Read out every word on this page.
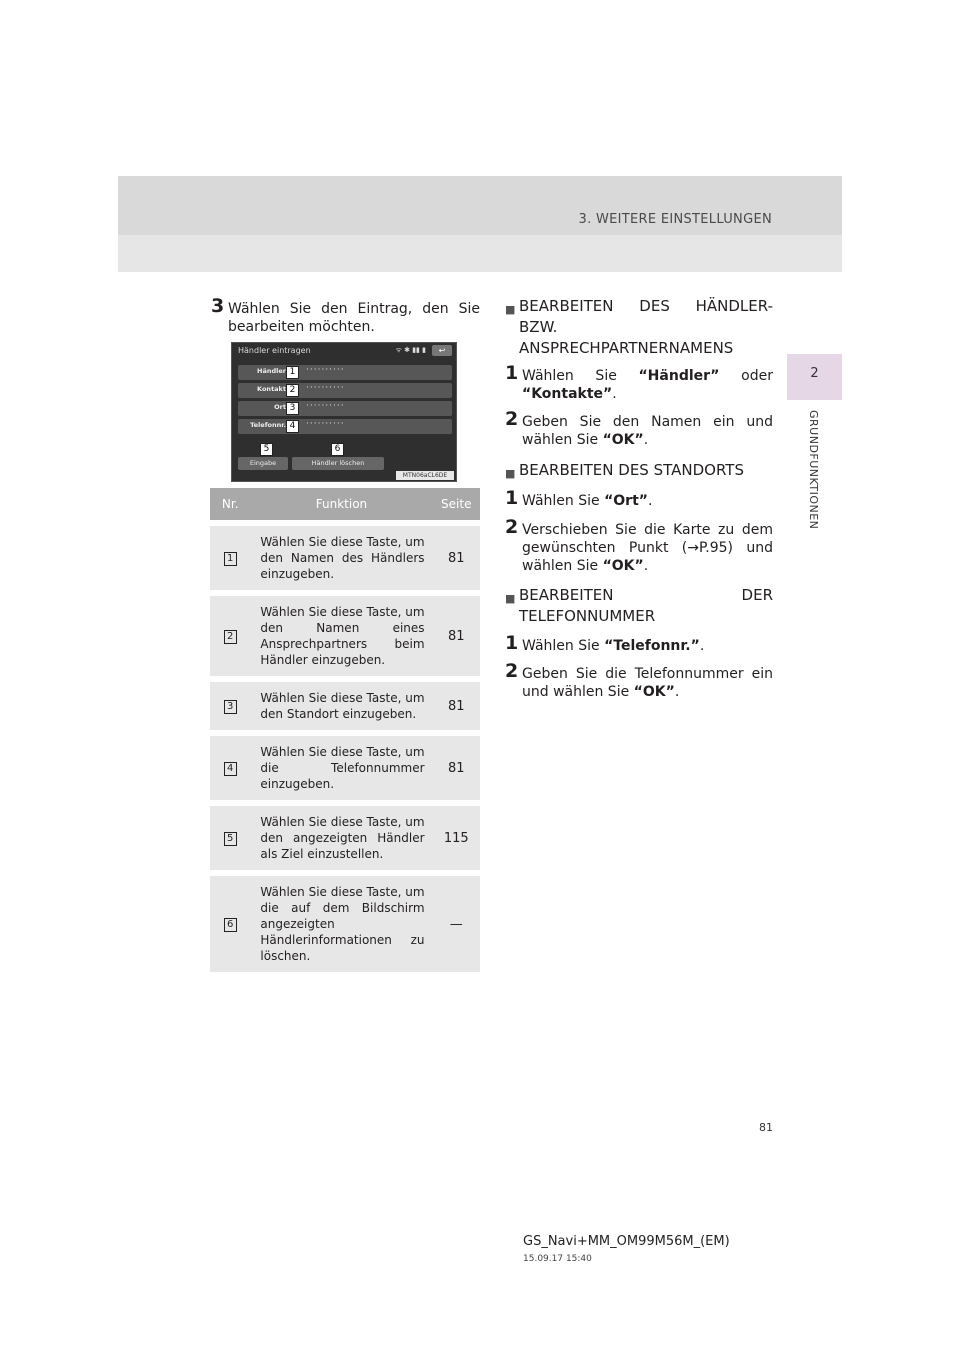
3. WEITERE EINSTELLUNGEN
2
GRUNDFUNKTIONEN
3 Wählen Sie den Eintrag, den Sie bearbeiten möchten.
Händler eintragen	ᯤ ✱ ▮▮ ▮	↩
Händler ··········
Kontakt ··········
Ort ··········
Telefonnr. ··········
1
2
3
4
5	6
Eingabe	Händler löschen
MTN06aCL6DE
Nr.	Funktion	Seite
1	Wählen Sie diese Taste, um den Namen des Händlers einzugeben.	81
2	Wählen Sie diese Taste, um den Namen eines Ansprechpartners beim Händler einzugeben.	81
3	Wählen Sie diese Taste, um den Standort einzugeben.	81
4	Wählen Sie diese Taste, um die Telefonnummer einzugeben.	81
5	Wählen Sie diese Taste, um den angezeigten Händler als Ziel einzustellen.	115
6	Wählen Sie diese Taste, um die auf dem Bildschirm angezeigten Händlerinformationen zu löschen.	—
■ BEARBEITEN DES HÄNDLER- BZW. ANSPRECHPARTNERNAMENS
1 Wählen Sie “Händler” oder “Kontakte”.
2 Geben Sie den Namen ein und wählen Sie “OK”.
■ BEARBEITEN DES STANDORTS
1 Wählen Sie “Ort”.
2 Verschieben Sie die Karte zu dem gewünschten Punkt (→P.95) und wählen Sie “OK”.
■ BEARBEITEN DER TELEFONNUMMER
1 Wählen Sie “Telefonnr.”.
2 Geben Sie die Telefonnummer ein und wählen Sie “OK”.
81
GS_Navi+MM_OM99M56M_(EM)
15.09.17 15:40
